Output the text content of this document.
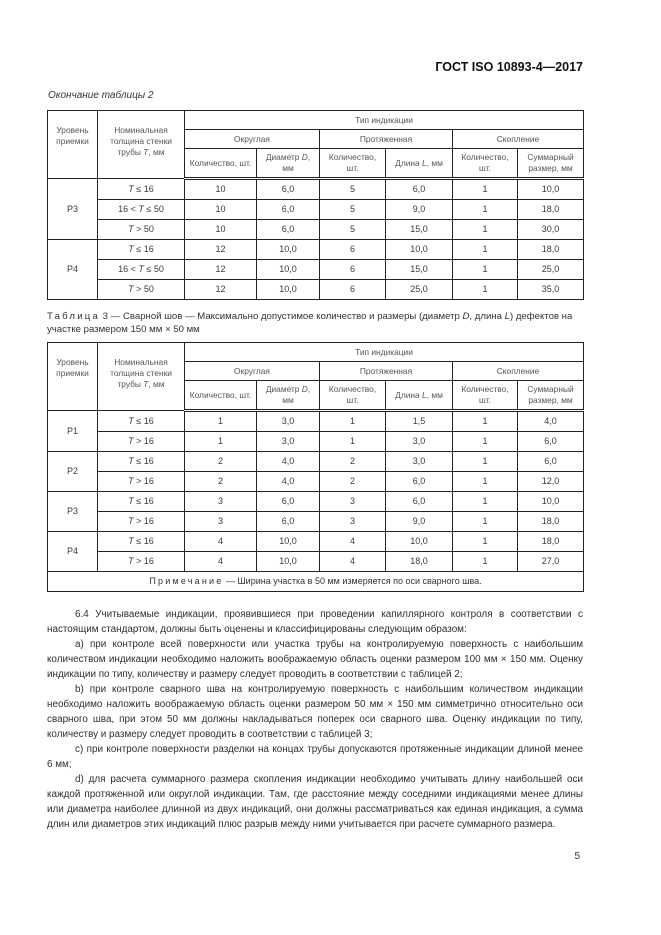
ГОСТ ISO 10893-4—2017
Окончание таблицы 2
Уровень приемки	Номинальная толщина стенки трубы T, мм	Тип индикации					
		Округлая		Протяженная		Скопление	
		Количество, шт.	Диаметр D, мм	Количество, шт.	Длина L, мм	Количество, шт.	Суммарный размер, мм
P3	T ≤ 16	10	6,0	5	6,0	1	10,0
	16 < T ≤ 50	10	6,0	5	9,0	1	18,0
	T > 50	10	6,0	5	15,0	1	30,0
P4	T ≤ 16	12	10,0	6	10,0	1	18,0
	16 < T ≤ 50	12	10,0	6	15,0	1	25,0
	T > 50	12	10,0	6	25,0	1	35,0
Таблица 3 — Сварной шов — Максимально допустимое количество и размеры (диаметр D, длина L) дефектов на участке размером 150 мм × 50 мм
Уровень приемки	Номинальная толщина стенки трубы T, мм	Тип индикации					
		Округлая		Протяженная		Скопление	
		Количество, шт.	Диаметр D, мм	Количество, шт.	Длина L, мм	Количество, шт.	Суммарный размер, мм
P1	T ≤ 16	1	3,0	1	1,5	1	4,0
	T > 16	1	3,0	1	3,0	1	6,0
P2	T ≤ 16	2	4,0	2	3,0	1	6,0
	T > 16	2	4,0	2	6,0	1	12,0
P3	T ≤ 16	3	6,0	3	6,0	1	10,0
	T > 16	3	6,0	3	9,0	1	18,0
P4	T ≤ 16	4	10,0	4	10,0	1	18,0
	T > 16	4	10,0	4	18,0	1	27,0
Примечание — Ширина участка в 50 мм измеряется по оси сварного шва.							

6.4 Учитываемые индикации, проявившиеся при проведении капиллярного контроля в соответствии с настоящим стандартом, должны быть оценены и классифицированы следующим образом:

a) при контроле всей поверхности или участка трубы на контролируемую поверхность с наибольшим количеством индикации необходимо наложить воображаемую область оценки размером 100 мм × 150 мм. Оценку индикации по типу, количеству и размеру следует проводить в соответствии с таблицей 2;

b) при контроле сварного шва на контролируемую поверхность с наибольшим количеством индикации необходимо наложить воображаемую область оценки размером 50 мм × 150 мм симметрично относительно оси сварного шва, при этом 50 мм должны накладываться поперек оси сварного шва. Оценку индикации по типу, количеству и размеру следует проводить в соответствии с таблицей 3;

c) при контроле поверхности разделки на концах трубы допускаются протяженные индикации длиной менее 6 мм;

d) для расчета суммарного размера скопления индикации необходимо учитывать длину наибольшей оси каждой протяженной или округлой индикации. Там, где расстояние между соседними индикациями менее длины или диаметра наиболее длинной из двух индикаций, они должны рассматриваться как единая индикация, а сумма длин или диаметров этих индикаций плюс разрыв между ними учитывается при расчете суммарного размера.

5
